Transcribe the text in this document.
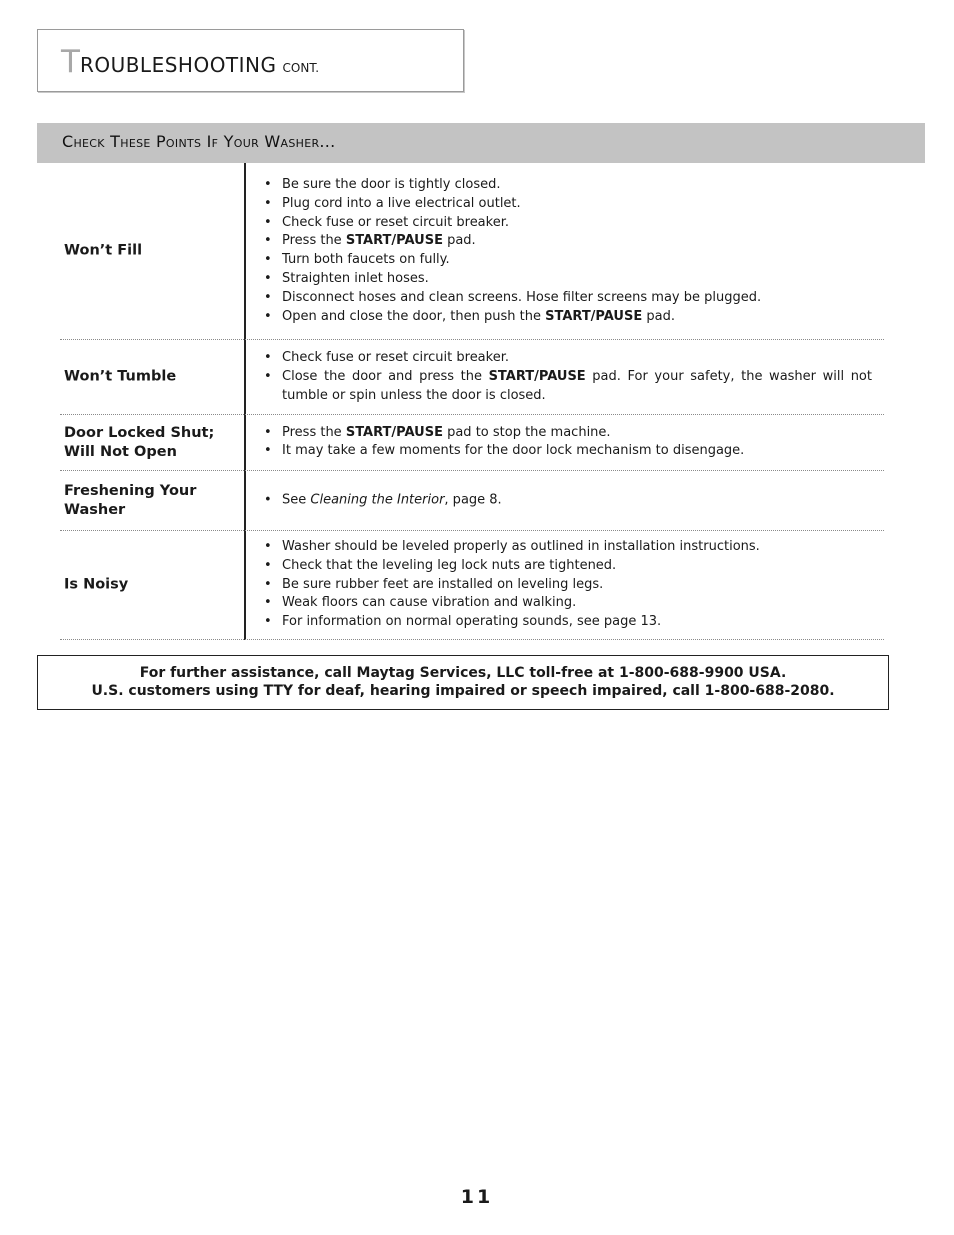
TROUBLESHOOTING CONT.
Check These Points If Your Washer...
Won’t Fill
• Be sure the door is tightly closed.
• Plug cord into a live electrical outlet.
• Check fuse or reset circuit breaker.
• Press the START/PAUSE pad.
• Turn both faucets on fully.
• Straighten inlet hoses.
• Disconnect hoses and clean screens. Hose filter screens may be plugged.
• Open and close the door, then push the START/PAUSE pad.
Won’t Tumble
• Check fuse or reset circuit breaker.
• Close the door and press the START/PAUSE pad. For your safety, the washer will not tumble or spin unless the door is closed.
Door Locked Shut; Will Not Open
• Press the START/PAUSE pad to stop the machine.
• It may take a few moments for the door lock mechanism to disengage.
Freshening Your Washer
• See Cleaning the Interior, page 8.
Is Noisy
• Washer should be leveled properly as outlined in installation instructions.
• Check that the leveling leg lock nuts are tightened.
• Be sure rubber feet are installed on leveling legs.
• Weak floors can cause vibration and walking.
• For information on normal operating sounds, see page 13.
For further assistance, call Maytag Services, LLC toll-free at 1-800-688-9900 USA.
U.S. customers using TTY for deaf, hearing impaired or speech impaired, call 1-800-688-2080.
11
